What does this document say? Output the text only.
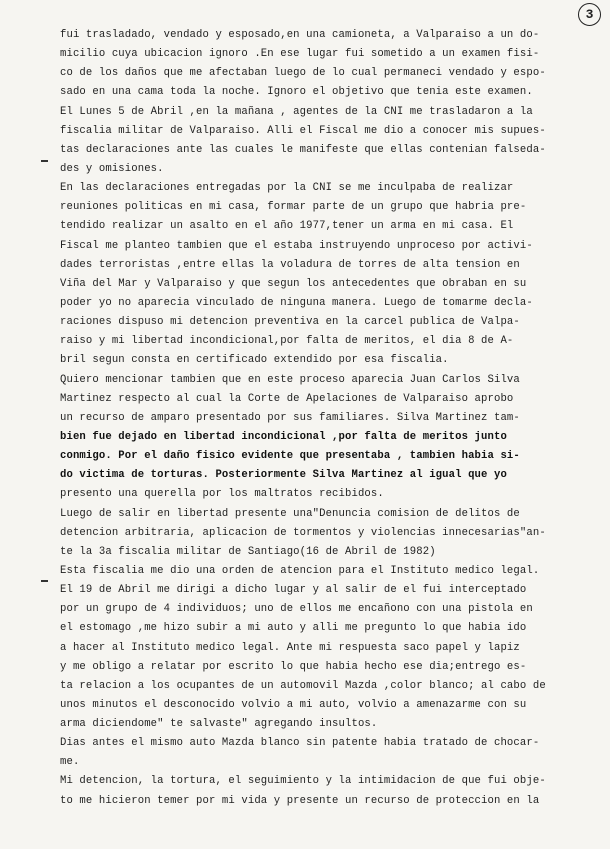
3
fui trasladado, vendado y esposado,en una camioneta, a Valparaiso a un do-
micilio cuya ubicacion ignoro .En ese lugar fui sometido a un examen fisi-
co de los daños que me afectaban luego de lo cual permaneci vendado y espo-
sado en una cama toda la noche. Ignoro el objetivo que tenia este examen.
El Lunes 5 de Abril ,en la mañana , agentes de la CNI me trasladaron a la
fiscalia militar de Valparaiso. Alli el Fiscal me dio a conocer mis supues-
tas declaraciones ante las cuales le manifeste que ellas contenian falseda-
des y omisiones.
En las declaraciones entregadas por la CNI se me inculpaba de realizar
reuniones politicas en mi casa, formar parte de un grupo que habria pre-
tendido realizar un asalto en el año 1977,tener un arma en mi casa. El
Fiscal me planteo tambien que el estaba instruyendo unproceso por activi-
dades terroristas ,entre ellas la voladura de torres de alta tension en
Viña del Mar y Valparaiso y que segun los antecedentes que obraban en su
poder yo no aparecia vinculado de ninguna manera. Luego de tomarme decla-
raciones dispuso mi detencion preventiva en la carcel publica de Valpa-
raiso y mi libertad incondicional,por falta de meritos, el dia 8 de A-
bril segun consta en certificado extendido por esa fiscalia.
Quiero mencionar tambien que en este proceso aparecia Juan Carlos Silva
Martinez respecto al cual la Corte de Apelaciones de Valparaiso aprobo
un recurso de amparo presentado por sus familiares. Silva Martinez tam-
bien fue dejado en libertad incondicional ,por falta de meritos junto
conmigo. Por el daño fisico evidente que presentaba , tambien habia si-
do victima de torturas. Posteriormente Silva Martinez al igual que yo
presento una querella por los maltratos recibidos.
Luego de salir en libertad presente una"Denuncia comision de delitos de
detencion arbitraria, aplicacion de tormentos y violencias innecesarias"an-
te la 3a fiscalia militar de Santiago(16 de Abril de 1982)
Esta fiscalia me dio una orden de atencion para el Instituto medico legal.
El 19 de Abril me dirigi a dicho lugar y al salir de el fui interceptado
por un grupo de 4 individuos; uno de ellos me encañono con una pistola en
el estomago ,me hizo subir a mi auto y alli me pregunto lo que habia ido
a hacer al Instituto medico legal. Ante mi respuesta saco papel y lapiz
y me obligo a relatar por escrito lo que habia hecho ese dia;entrego es-
ta relacion a los ocupantes de un automovil Mazda ,color blanco; al cabo de
unos minutos el desconocido volvio a mi auto, volvio a amenazarme con su
arma diciendome" te salvaste" agregando insultos.
Dias antes el mismo auto Mazda blanco sin patente habia tratado de chocar-
me.
Mi detencion, la tortura, el seguimiento y la intimidacion de que fui obje-
to me hicieron temer por mi vida y presente un recurso de proteccion en la
